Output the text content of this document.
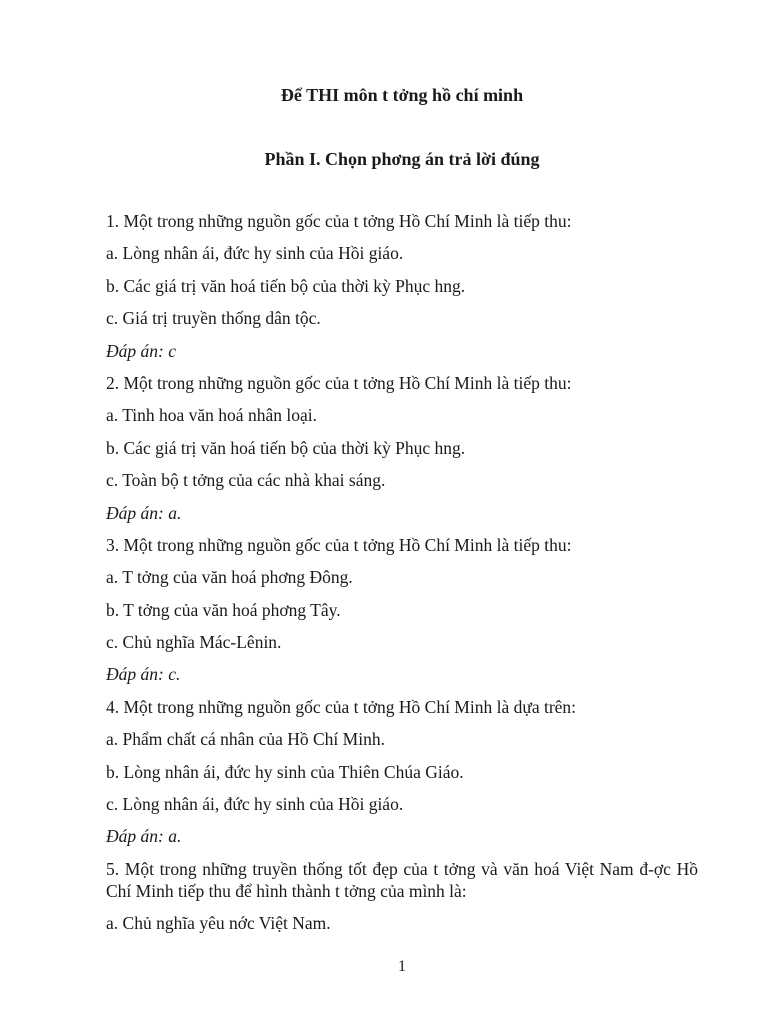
Để THI môn t tởng hồ chí minh
Phần I. Chọn phơng án trả lời đúng
1. Một trong những nguồn gốc của t tởng Hồ Chí Minh là tiếp thu:
a. Lòng nhân ái, đức hy sinh của Hồi giáo.
b. Các giá trị văn hoá tiến bộ của thời kỳ Phục hng.
c. Giá trị truyền thống dân tộc.
Đáp án: c
2. Một trong những nguồn gốc của t tởng Hồ Chí Minh là tiếp thu:
a. Tinh hoa văn hoá nhân loại.
b. Các giá trị văn hoá tiến bộ của thời kỳ Phục hng.
c. Toàn bộ t tởng của các nhà khai sáng.
Đáp án: a.
3. Một trong những nguồn gốc của t tởng Hồ Chí Minh là tiếp thu:
a. T tởng của văn hoá phơng Đông.
b. T tởng của văn hoá phơng Tây.
c. Chủ nghĩa Mác-Lênin.
Đáp án: c.
4. Một trong những nguồn gốc của t tởng Hồ Chí Minh là dựa trên:
a. Phẩm chất cá nhân của Hồ Chí Minh.
b. Lòng nhân ái, đức hy sinh của Thiên Chúa Giáo.
c. Lòng nhân ái, đức hy sinh của Hồi giáo.
Đáp án: a.
5. Một trong những truyền thống tốt đẹp của t tởng và văn hoá Việt Nam đ-ợc Hồ Chí Minh tiếp thu để hình thành t tởng của mình là:
a. Chủ nghĩa yêu nớc Việt Nam.
1
